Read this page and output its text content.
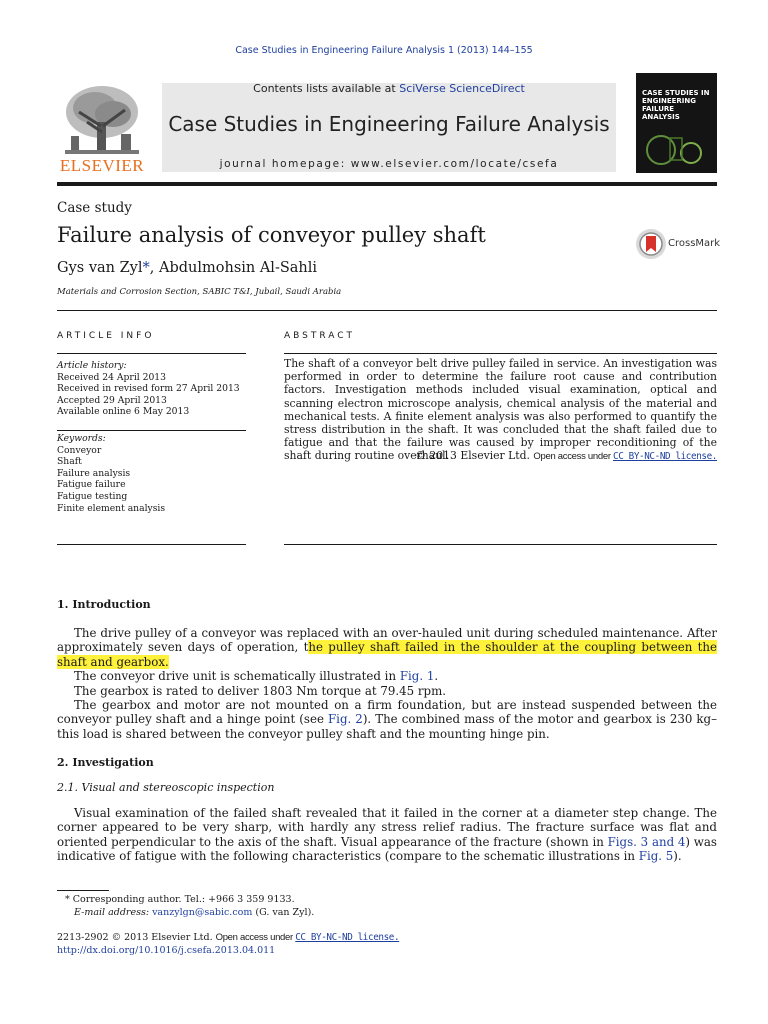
Case Studies in Engineering Failure Analysis 1 (2013) 144–155
ELSEVIER
Contents lists available at SciVerse ScienceDirect
Case Studies in Engineering Failure Analysis
journal homepage: www.elsevier.com/locate/csefa
CASE STUDIES IN ENGINEERING FAILURE ANALYSIS
Case study
Failure analysis of conveyor pulley shaft
Gys van Zyl*, Abdulmohsin Al-Sahli
Materials and Corrosion Section, SABIC T&I, Jubail, Saudi Arabia
CrossMark
ARTICLE INFO	ABSTRACT
Article history:
Received 24 April 2013
Received in revised form 27 April 2013
Accepted 29 April 2013
Available online 6 May 2013
Keywords:
Conveyor
Shaft
Failure analysis
Fatigue failure
Fatigue testing
Finite element analysis
The shaft of a conveyor belt drive pulley failed in service. An investigation was performed in order to determine the failure root cause and contribution factors. Investigation methods included visual examination, optical and scanning electron microscope analysis, chemical analysis of the material and mechanical tests. A finite element analysis was also performed to quantify the stress distribution in the shaft. It was concluded that the shaft failed due to fatigue and that the failure was caused by improper reconditioning of the shaft during routine overhaul.
© 2013 Elsevier Ltd. Open access under CC BY-NC-ND license.
1. Introduction

The drive pulley of a conveyor was replaced with an over-hauled unit during scheduled maintenance. After approximately seven days of operation, the pulley shaft failed in the shoulder at the coupling between the shaft and gearbox.

The conveyor drive unit is schematically illustrated in Fig. 1.

The gearbox is rated to deliver 1803 Nm torque at 79.45 rpm.

The gearbox and motor are not mounted on a firm foundation, but are instead suspended between the conveyor pulley shaft and a hinge point (see Fig. 2). The combined mass of the motor and gearbox is 230 kg–this load is shared between the conveyor pulley shaft and the mounting hinge pin.

2. Investigation
2.1. Visual and stereoscopic inspection

Visual examination of the failed shaft revealed that it failed in the corner at a diameter step change. The corner appeared to be very sharp, with hardly any stress relief radius. The fracture surface was flat and oriented perpendicular to the axis of the shaft. Visual appearance of the fracture (shown in Figs. 3 and 4) was indicative of fatigue with the following characteristics (compare to the schematic illustrations in Fig. 5).

* Corresponding author. Tel.: +966 3 359 9133.
E-mail address: vanzylgn@sabic.com (G. van Zyl).
2213-2902 © 2013 Elsevier Ltd. Open access under CC BY-NC-ND license.
http://dx.doi.org/10.1016/j.csefa.2013.04.011
